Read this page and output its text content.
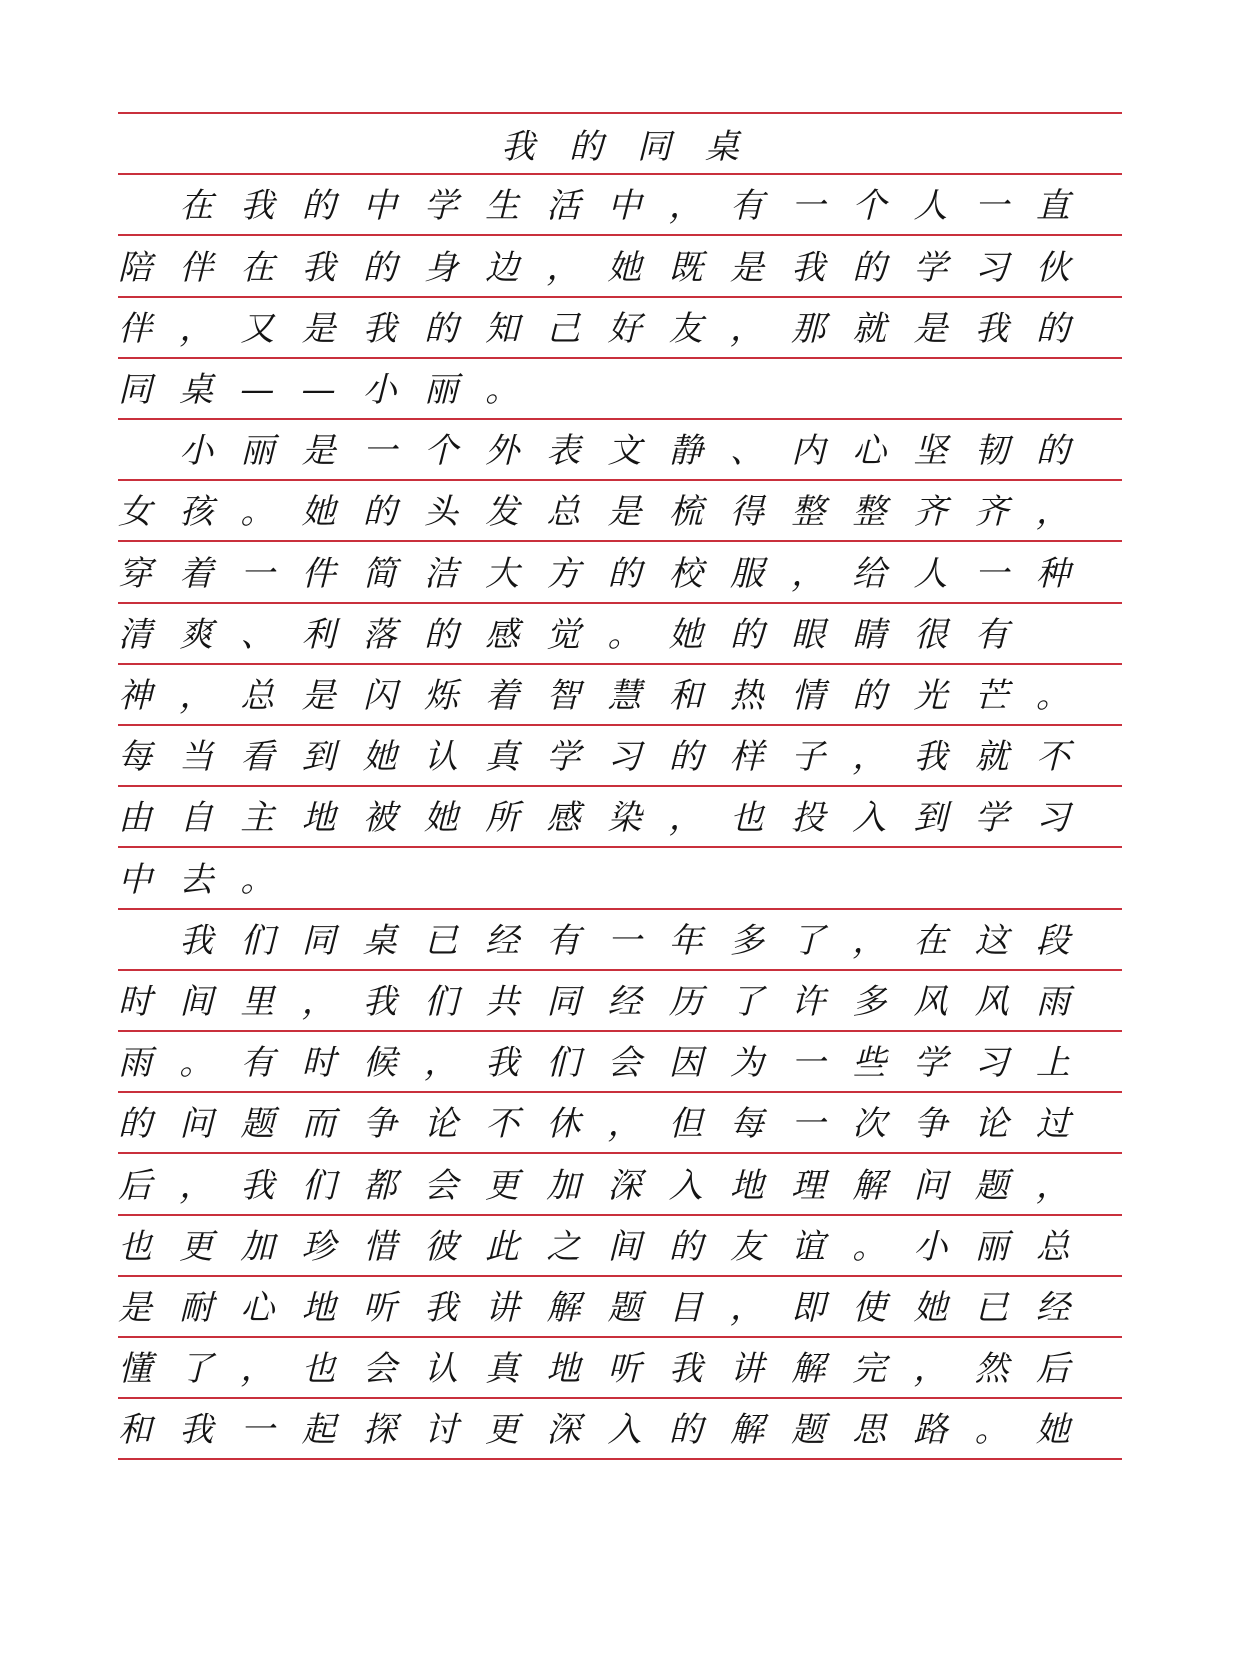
我 的 同 桌

在 我 的 中 学 生 活 中 ， 有 一 个 人 一 直
陪 伴 在 我 的 身 边 ， 她 既 是 我 的 学 习 伙
伴 ， 又 是 我 的 知 己 好 友 ， 那 就 是 我 的
同 桌 — — 小 丽 。

小 丽 是 一 个 外 表 文 静 、 内 心 坚 韧 的
女 孩 。 她 的 头 发 总 是 梳 得 整 整 齐 齐 ，
穿 着 一 件 简 洁 大 方 的 校 服 ， 给 人 一 种
清 爽 、 利 落 的 感 觉 。 她 的 眼 睛 很 有
神 ， 总 是 闪 烁 着 智 慧 和 热 情 的 光 芒 。
每 当 看 到 她 认 真 学 习 的 样 子 ， 我 就 不
由 自 主 地 被 她 所 感 染 ， 也 投 入 到 学 习
中 去 。

我 们 同 桌 已 经 有 一 年 多 了 ， 在 这 段
时 间 里 ， 我 们 共 同 经 历 了 许 多 风 风 雨
雨 。 有 时 候 ， 我 们 会 因 为 一 些 学 习 上
的 问 题 而 争 论 不 休 ， 但 每 一 次 争 论 过
后 ， 我 们 都 会 更 加 深 入 地 理 解 问 题 ，
也 更 加 珍 惜 彼 此 之 间 的 友 谊 。 小 丽 总
是 耐 心 地 听 我 讲 解 题 目 ， 即 使 她 已 经
懂 了 ， 也 会 认 真 地 听 我 讲 解 完 ， 然 后
和 我 一 起 探 讨 更 深 入 的 解 题 思 路 。 她
